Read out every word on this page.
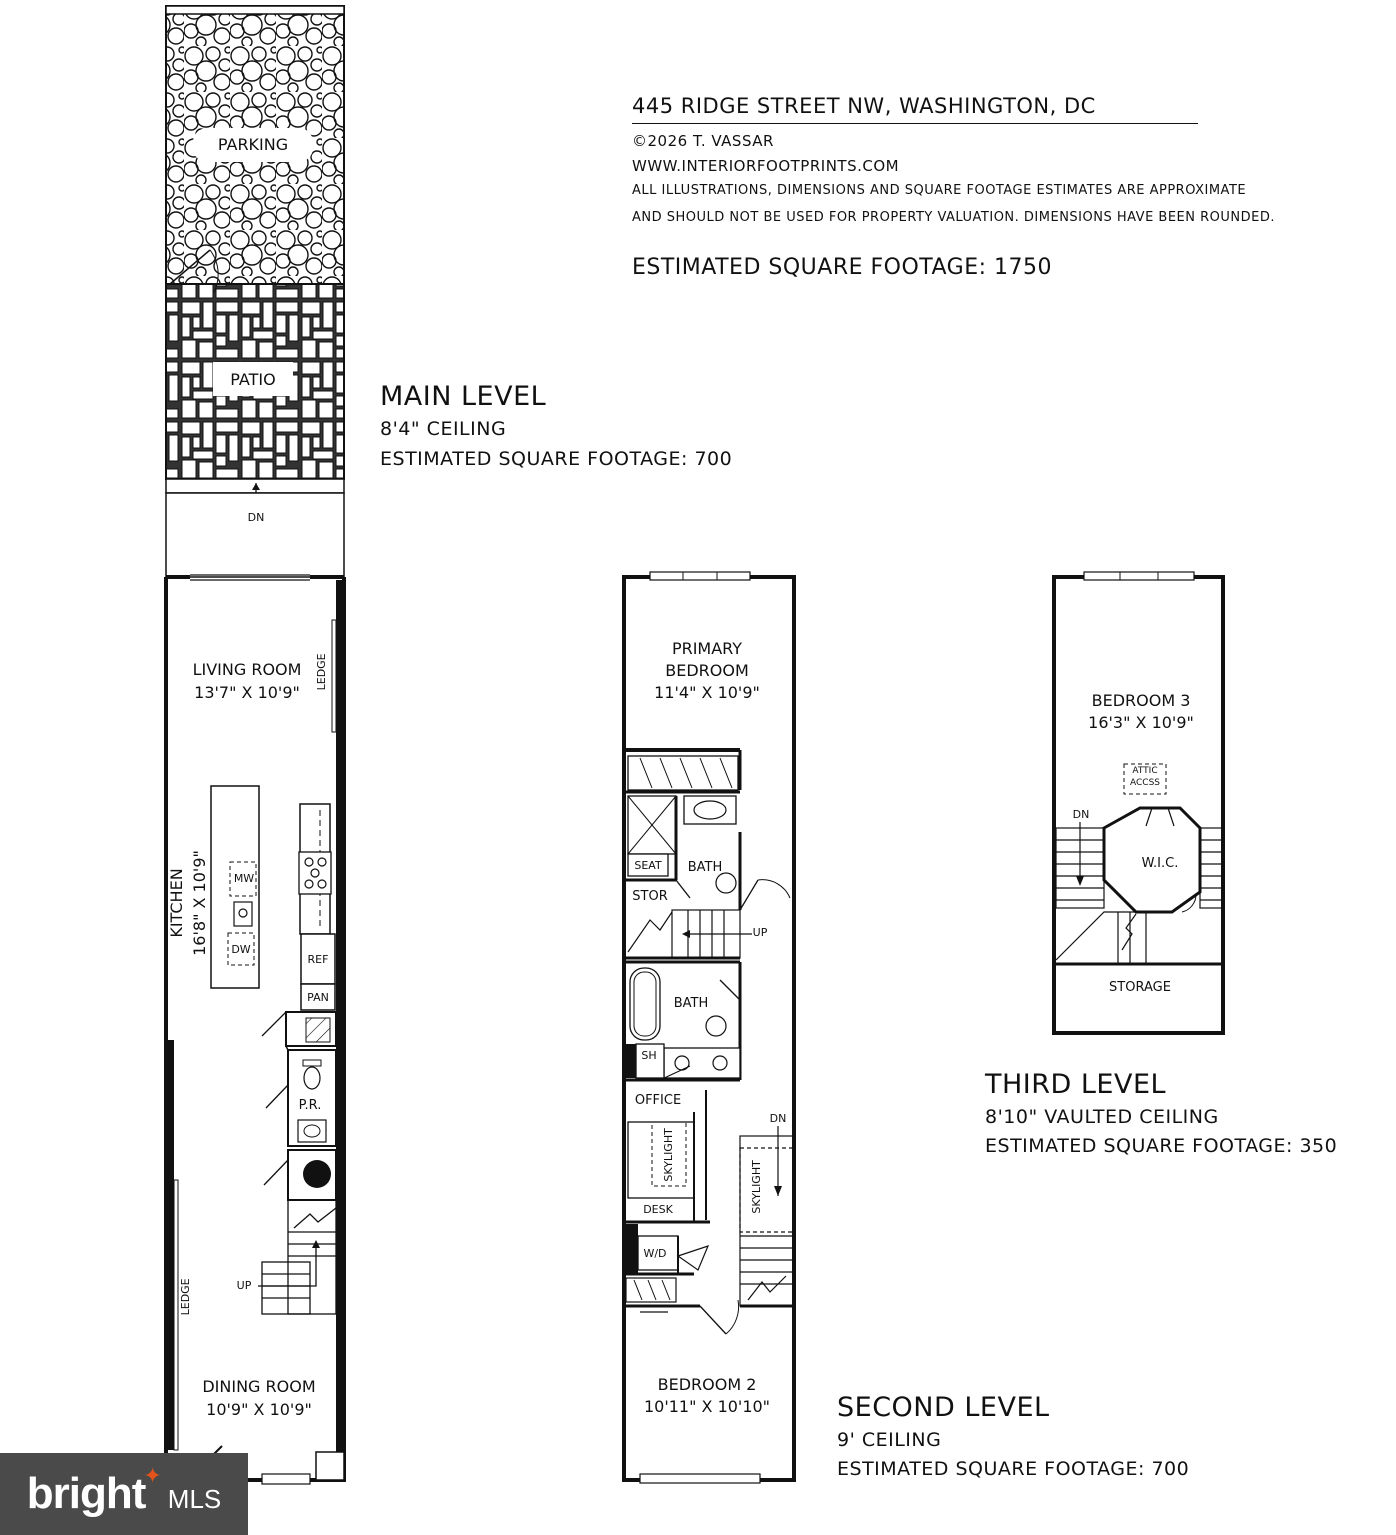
445 RIDGE STREET NW, WASHINGTON, DC
©2026 T. VASSAR
WWW.INTERIORFOOTPRINTS.COM
ALL ILLUSTRATIONS, DIMENSIONS AND SQUARE FOOTAGE ESTIMATES ARE APPROXIMATE
AND SHOULD NOT BE USED FOR PROPERTY VALUATION. DIMENSIONS HAVE BEEN ROUNDED.
ESTIMATED SQUARE FOOTAGE: 1750
MAIN LEVEL
8'4" CEILING
ESTIMATED SQUARE FOOTAGE: 700
THIRD LEVEL
8'10" VAULTED CEILING
ESTIMATED SQUARE FOOTAGE: 350
SECOND LEVEL
9' CEILING
ESTIMATED SQUARE FOOTAGE: 700
PARKING
PATIO
DN
LIVING ROOM
13'7" X 10'9"
LEDGE
KITCHEN 16'8" X 10'9" MW
DW
REF
PAN
P.R.
UP
LEDGE
DINING ROOM
10'9" X 10'9"
PRIMARY
BEDROOM
11'4" X 10'9"
SEAT BATH
STOR
UP
BATH
SH
OFFICE
SKYLIGHT
DESK
W/D
DN
SKYLIGHT
BEDROOM 2
10'11" X 10'10"
BEDROOM 3
16'3" X 10'9"
ATTIC
ACCSS
DN
W.I.C.
STORAGE
bright
✦
MLS
